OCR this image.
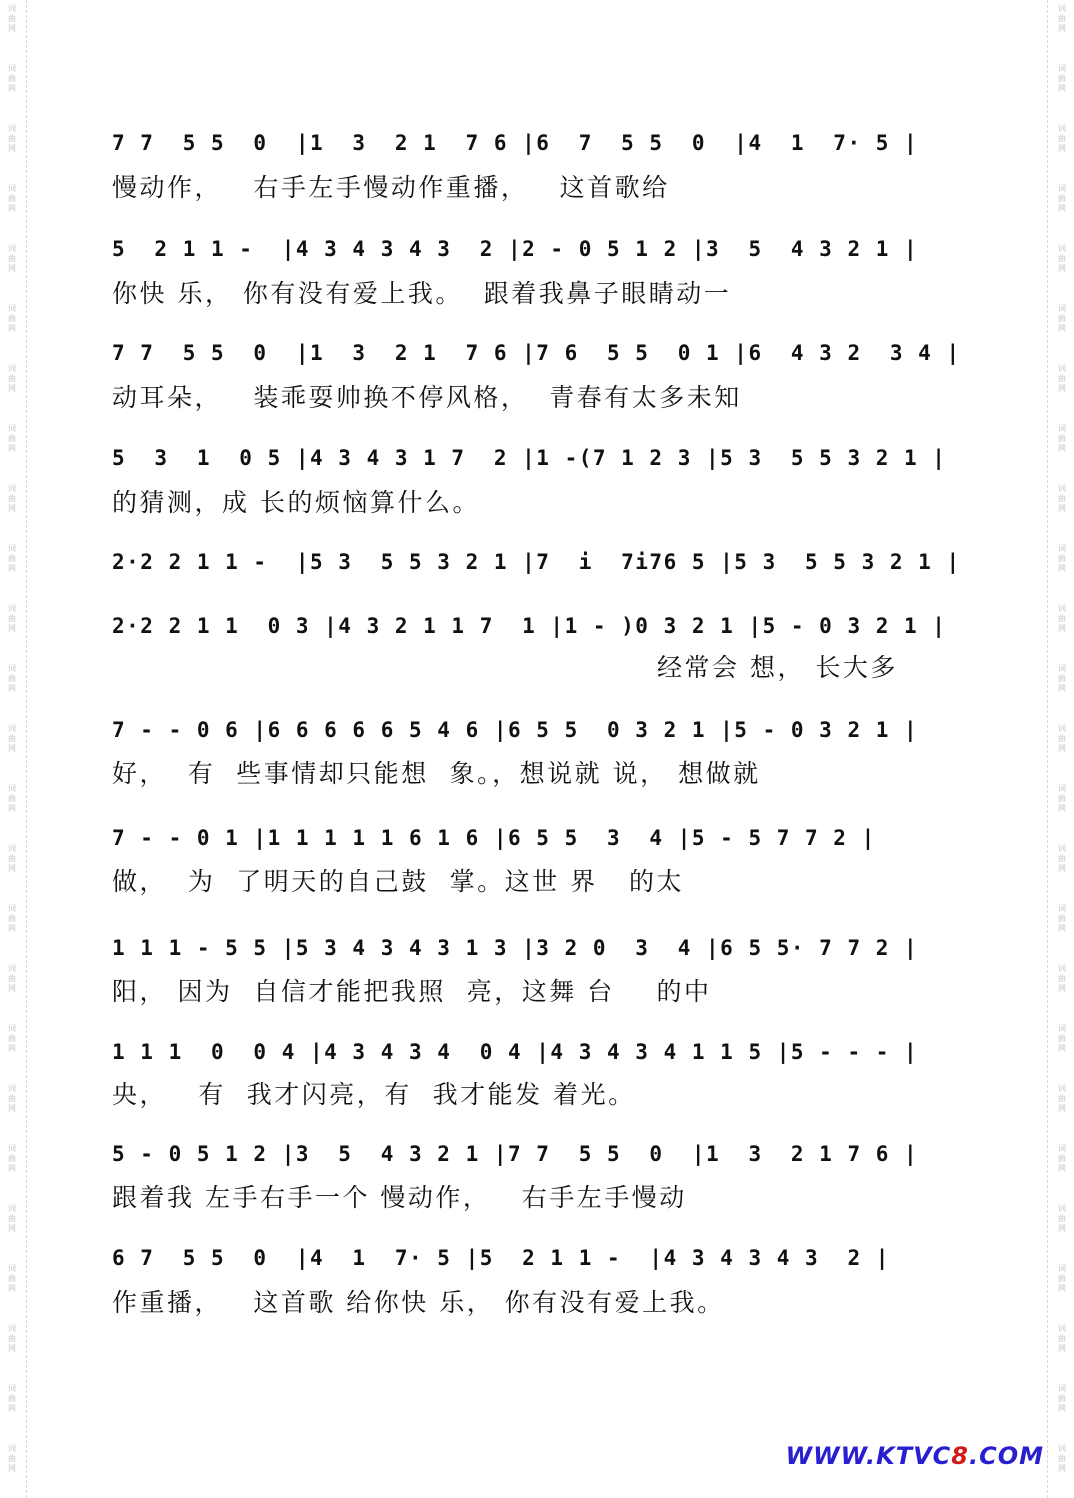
词
曲
网
词
曲
网
词
曲
网
词
曲
网
词
曲
网
词
曲
网
词
曲
网
词
曲
网
词
曲
网
词
曲
网
词
曲
网
词
曲
网
词
曲
网
词
曲
网
词
曲
网
词
曲
网
词
曲
网
词
曲
网
词
曲
网
词
曲
网
词
曲
网
词
曲
网
词
曲
网
词
曲
网
词
曲
网
词
曲
网
词
曲
网
词
曲
网
词
曲
网
词
曲
网
词
曲
网
词
曲
网
词
曲
网
词
曲
网
词
曲
网
词
曲
网
词
曲
网
词
曲
网
词
曲
网
词
曲
网
词
曲
网
词
曲
网
词
曲
网
词
曲
网
词
曲
网
词
曲
网
词
曲
网
词
曲
网
词
曲
网
词
曲
网
7 7  5 5  0  |1  3  2 1  7 6 |6  7  5 5  0  |4  1  7· 5 |
慢动作，   右手左手慢动作重播，   这首歌给
5  2 1 1 -  |4 3 4 3 4 3  2 |2 - 0 5 1 2 |3  5  4 3 2 1 |
你快 乐， 你有没有爱上我。  跟着我鼻子眼睛动一
7 7  5 5  0  |1  3  2 1  7 6 |7 6  5 5  0 1 |6  4 3 2  3 4 |
动耳朵，   装乖耍帅换不停风格，  青春有太多未知
5  3  1  0 5 |4 3 4 3 1 7  2 |1 -(7 1 2 3 |5 3  5 5 3 2 1 |
的猜测，成 长的烦恼算什么。
2·2 2 1 1 -  |5 3  5 5 3 2 1 |7  i  7i76 5 |5 3  5 5 3 2 1 |
2·2 2 1 1  0 3 |4 3 2 1 1 7  1 |1 - )0 3 2 1 |5 - 0 3 2 1 |
经常会 想， 长大多
7 - - 0 6 |6 6 6 6 6 5 4 6 |6 5 5  0 3 2 1 |5 - 0 3 2 1 |
好，  有  些事情却只能想  象。，想说就 说， 想做就
7 - - 0 1 |1 1 1 1 1 6 1 6 |6 5 5  3  4 |5 - 5 7 7 2 |
做，  为  了明天的自己鼓  掌。这世 界   的太
1 1 1 - 5 5 |5 3 4 3 4 3 1 3 |3 2 0  3  4 |6 5 5· 7 7 2 |
阳， 因为  自信才能把我照  亮，这舞 台    的中
1 1 1  0  0 4 |4 3 4 3 4  0 4 |4 3 4 3 4 1 1 5 |5 - - - |
央，   有  我才闪亮，有  我才能发 着光。
5 - 0 5 1 2 |3  5  4 3 2 1 |7 7  5 5  0  |1  3  2 1 7 6 |
跟着我 左手右手一个 慢动作，   右手左手慢动
6 7  5 5  0  |4  1  7· 5 |5  2 1 1 -  |4 3 4 3 4 3  2 |
作重播，   这首歌 给你快 乐， 你有没有爱上我。
WWW.KTVC8.COM
